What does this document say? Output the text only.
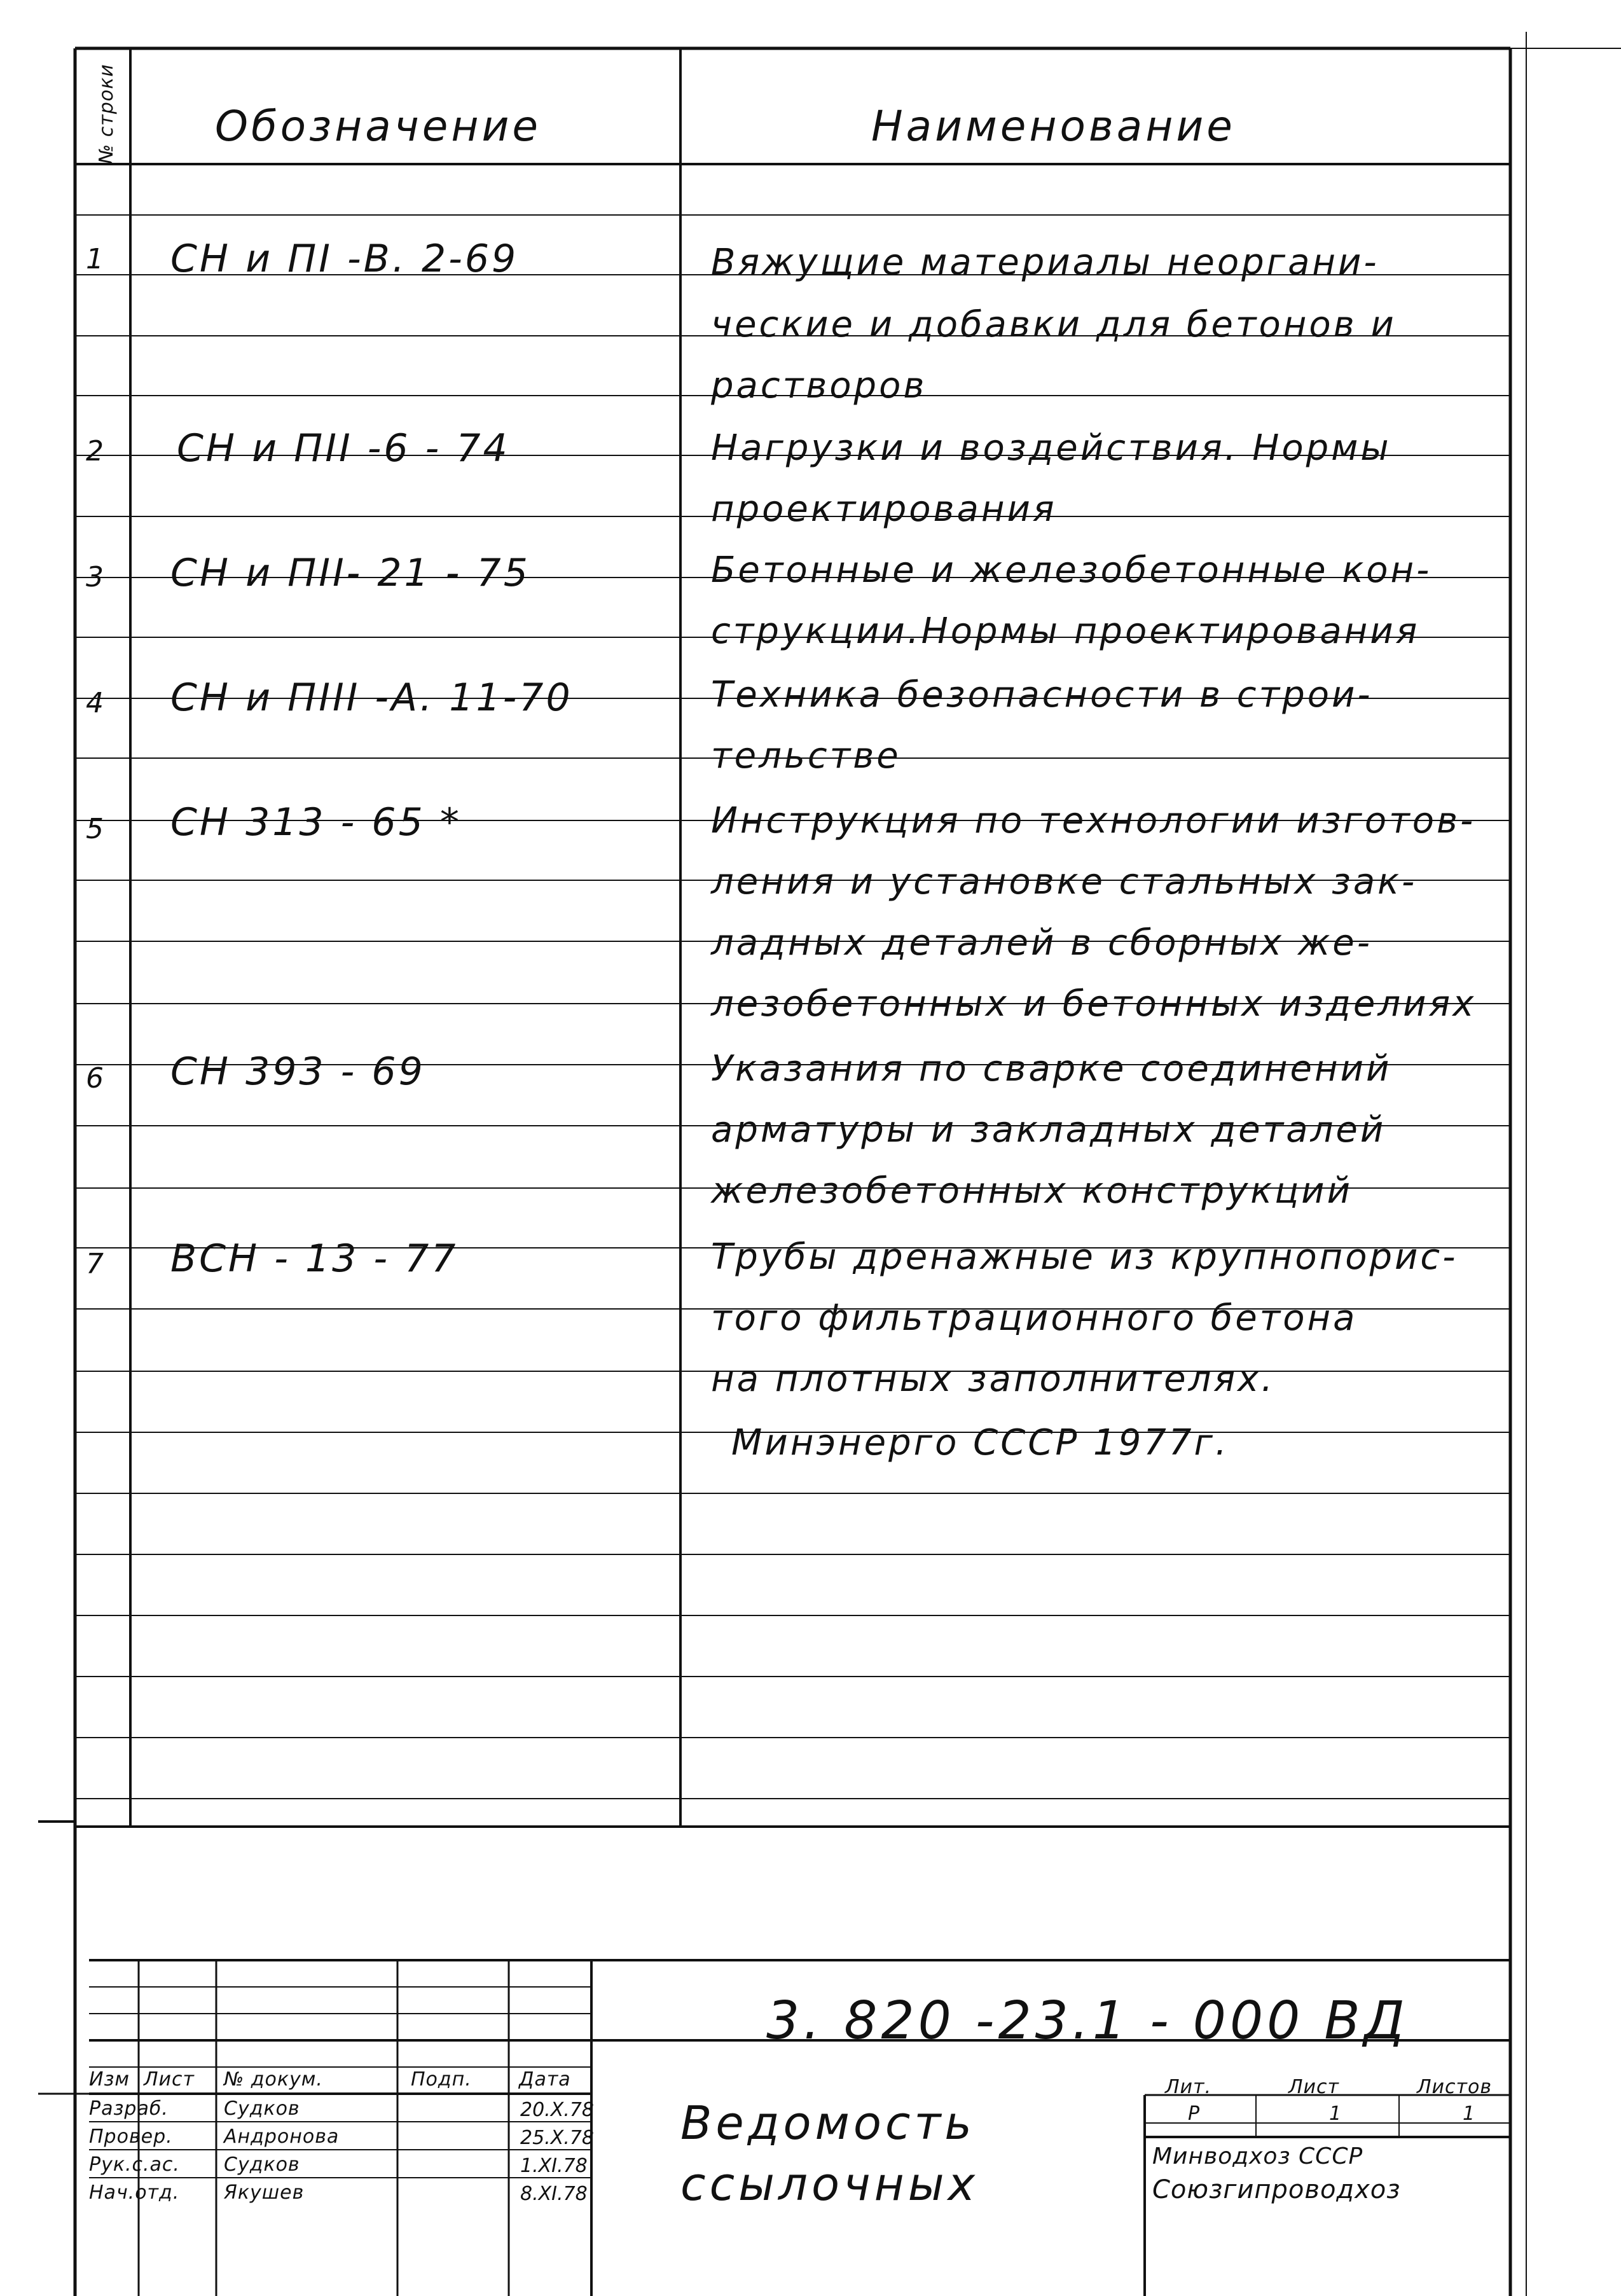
№ строки Обозначение	Наименование
1 СН и ПI -В. 2-69	Вяжущие материалы неоргани-
ческие и добавки для бетонов и
растворов
2 СН и ПII -6 - 74	Нагрузки и воздействия. Нормы
проектирования
3 СН и ПII- 21 - 75	Бетонные и железобетонные кон-
струкции.Нормы проектирования
4 СН и ПIII -А. 11-70	Техника безопасности в строи-
тельстве
5 СН 313 - 65 *	Инструкция по технологии изготов-
ления и установке стальных зак-
ладных деталей в сборных же-
лезобетонных и бетонных изделиях
6 СН 393 - 69	Указания по сварке соединений
арматуры и закладных деталей
железобетонных конструкций
7 ВСН - 13 - 77	Трубы дренажные из крупнопорис-
того фильтрационного бетона
на плотных заполнителях.
Минэнерго СССР 1977г.
3. 820 -23.1 - 000 ВД
Изм Лист № докум.	Подп. Дата
Разраб.	Судков	20.X.78
Провер.	Андронова	25.X.78
Рук.с.ас. Судков	1.XI.78
Нач.отд. Якушев	8.XI.78
Ведомость
ссылочных
Лит.	Лист	Листов
Р	1	1
Минводхоз СССР
Союзгипроводхоз
